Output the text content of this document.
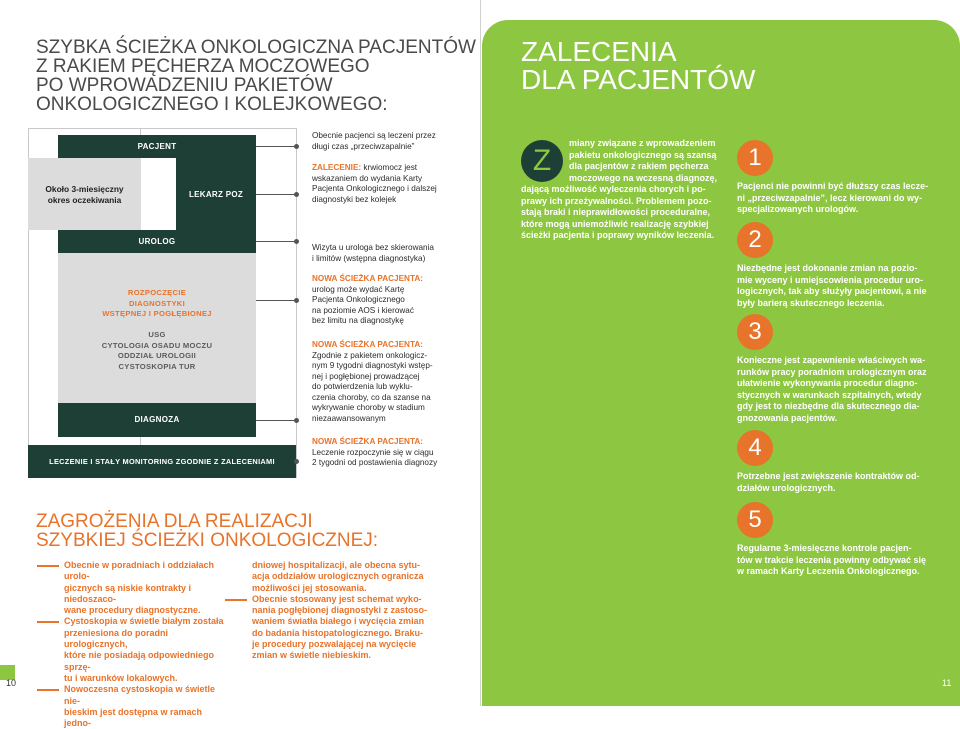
SZYBKA ŚCIEŻKA ONKOLOGICZNA PACJENTÓW
Z RAKIEM PĘCHERZA MOCZOWEGO
PO WPROWADZENIU PAKIETÓW
ONKOLOGICZNEGO I KOLEJKOWEGO:
PACJENT
Około 3-miesięczny
okres oczekiwania	LEKARZ POZ
UROLOG
ROZPOCZĘCIE
DIAGNOSTYKI
WSTĘPNEJ I POGŁĘBIONEJ
USG
CYTOLOGIA OSADU MOCZU
ODDZIAŁ UROLOGII
CYSTOSKOPIA TUR
DIAGNOZA
LECZENIE I STAŁY MONITORING ZGODNIE Z ZALECENIAMI
Obecnie pacjenci są leczeni przez
długi czas „przeciwzapalnie”
ZALECENIE: krwiomocz jest
wskazaniem do wydania Karty
Pacjenta Onkologicznego i dalszej
diagnostyki bez kolejek
Wizyta u urologa bez skierowania
i limitów (wstępna diagnostyka)
NOWA ŚCIEŻKA PACJENTA:
urolog może wydać Kartę
Pacjenta Onkologicznego
na poziomie AOS i kierować
bez limitu na diagnostykę
NOWA ŚCIEŻKA PACJENTA:
Zgodnie z pakietem onkologicz-
nym 9 tygodni diagnostyki wstęp-
nej i pogłębionej prowadzącej
do potwierdzenia lub wyklu-
czenia choroby, co da szanse na
wykrywanie choroby w stadium
niezaawansowanym
NOWA ŚCIEŻKA PACJENTA:
Leczenie rozpoczynie się w ciągu
2 tygodni od postawienia diagnozy
ZAGROŻENIA DLA REALIZACJI
SZYBKIEJ ŚCIEŻKI ONKOLOGICZNEJ:

Obecnie w poradniach i oddziałach urolo-
gicznych są niskie kontrakty i niedoszaco-
wane procedury diagnostyczne.

Cystoskopia w świetle białym została
przeniesiona do poradni urologicznych,
które nie posiadają odpowiedniego sprzę-
tu i warunków lokalowych.

Nowoczesna cystoskopia w świetle nie-
bieskim jest dostępna w ramach jedno-

dniowej hospitalizacji, ale obecna sytu-
acja oddziałów urologicznych ogranicza
możliwości jej stosowania.

Obecnie stosowany jest schemat wyko-
nania pogłębionej diagnostyki z zastoso-
waniem światła białego i wycięcia zmian
do badania histopatologicznego. Braku-
je procedury pozwalającej na wycięcie
zmian w świetle niebieskim.

10
ZALECENIA
DLA PACJENTÓW
Z
miany związane z wprowadzeniem
pakietu onkologicznego są szansą
dla pacjentów z rakiem pęcherza
moczowego na wczesną diagnozę,
dającą możliwość wyleczenia chorych i po-
prawy ich przeżywalności. Problemem pozo-
stają braki i nieprawidłowości proceduralne,
które mogą uniemożliwić realizację szybkiej
ścieżki pacjenta i poprawy wyników leczenia.
1
Pacjenci nie powinni być dłuższy czas lecze-
ni „przeciwzapalnie”, lecz kierowani do wy-
specjalizowanych urologów.
2
Niezbędne jest dokonanie zmian na pozio-
mie wyceny i umiejscowienia procedur uro-
logicznych, tak aby służyły pacjentowi, a nie
były barierą skutecznego leczenia.
3
Konieczne jest zapewnienie właściwych wa-
runków pracy poradniom urologicznym oraz
ułatwienie wykonywania procedur diagno-
stycznych w warunkach szpitalnych, wtedy
gdy jest to niezbędne dla skutecznego dia-
gnozowania pacjentów.
4
Potrzebne jest zwiększenie kontraktów od-
działów urologicznych.
5
Regularne 3-miesięczne kontrole pacjen-
tów w trakcie leczenia powinny odbywać się
w ramach Karty Leczenia Onkologicznego.
11
